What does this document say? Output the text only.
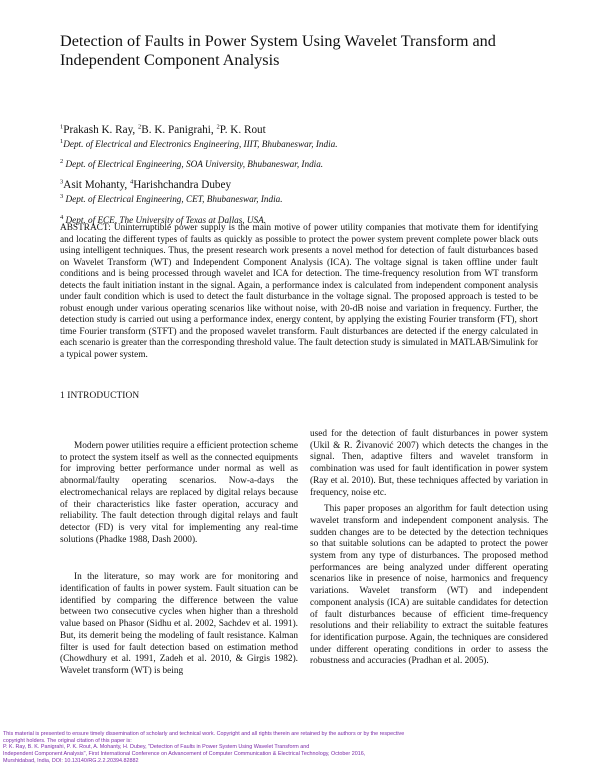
Detection of Faults in Power System Using Wavelet Transform and
Independent Component Analysis

$^1$Prakash K. Ray, $^2$B. K. Panigrahi, $^2$P. K. Rout

$^1$Dept. of Electrical and Electronics Engineering, IIIT, Bhubaneswar, India.

$^2$ Dept. of Electrical Engineering, SOA University, Bhubaneswar, India.

$^3$Asit Mohanty, $^4$Harishchandra Dubey

$^3$ Dept. of Electrical Engineering, CET, Bhubaneswar, India.

$^4$ Dept. of ECE, The University of Texas at Dallas, USA.

ABSTRACT: Uninterruptible power supply is the main motive of power utility companies that motivate them for identifying and locating the different types of faults as quickly as possible to protect the power system prevent complete power black outs using intelligent techniques. Thus, the present research work presents a novel method for detection of fault disturbances based on Wavelet Transform (WT) and Independent Component Analysis (ICA). The voltage signal is taken offline under fault conditions and is being processed through wavelet and ICA for detection. The time-frequency resolution from WT transform detects the fault initiation instant in the signal. Again, a performance index is calculated from independent component analysis under fault condition which is used to detect the fault disturbance in the voltage signal. The proposed approach is tested to be robust enough under various operating scenarios like without noise, with 20-dB noise and variation in frequency. Further, the detection study is carried out using a performance index, energy content, by applying the existing Fourier transform (FT), short time Fourier transform (STFT) and the proposed wavelet transform. Fault disturbances are detected if the energy calculated in each scenario is greater than the corresponding threshold value. The fault detection study is simulated in MATLAB/Simulink for a typical power system.

1 INTRODUCTION

Modern power utilities require a efficient protection scheme to protect the system itself as well as the connected equipments for improving better performance under normal as well as abnormal/faulty operating scenarios. Now-a-days the electromechanical relays are replaced by digital relays because of their characteristics like faster operation, accuracy and reliability. The fault detection through digital relays and fault detector (FD) is very vital for implementing any real-time solutions (Phadke 1988, Dash 2000).

In the literature, so may work are for monitoring and identification of faults in power system. Fault situation can be identified by comparing the difference between the value between two consecutive cycles when higher than a threshold value based on Phasor (Sidhu et al. 2002, Sachdev et al. 1991). But, its demerit being the modeling of fault resistance. Kalman filter is used for fault detection based on estimation method (Chowdhury et al. 1991, Zadeh et al. 2010, & Girgis 1982). Wavelet transform (WT) is being

used for the detection of fault disturbances in power system (Ukil & R. Živanović 2007) which detects the changes in the signal. Then, adaptive filters and wavelet transform in combination was used for fault identification in power system (Ray et al. 2010). But, these techniques affected by variation in frequency, noise etc.

This paper proposes an algorithm for fault detection using wavelet transform and independent component analysis. The sudden changes are to be detected by the detection techniques so that suitable solutions can be adapted to protect the power system from any type of disturbances. The proposed method performances are being analyzed under different operating scenarios like in presence of noise, harmonics and frequency variations. Wavelet transform (WT) and independent component analysis (ICA) are suitable candidates for detection of fault disturbances because of efficient time-frequency resolutions and their reliability to extract the suitable features for identification purpose. Again, the techniques are considered under different operating conditions in order to assess the robustness and accuracies (Pradhan et al. 2005).

This material is presented to ensure timely dissemination of scholarly and technical work. Copyright and all rights therein are retained by the authors or by the respective

copyright holders. The original citation of this paper is:

P. K. Ray, B. K. Panigrahi, P. K. Rout, A. Mohanty, H. Dubey, "Detection of Faults in Power System Using Wavelet Transform and

Independent Component Analysis", First International Conference on Advancement of Computer Communication & Electrical Technology, October 2016,

Murshidabad, India, DOI: 10.13140/RG.2.2.20394.82882
